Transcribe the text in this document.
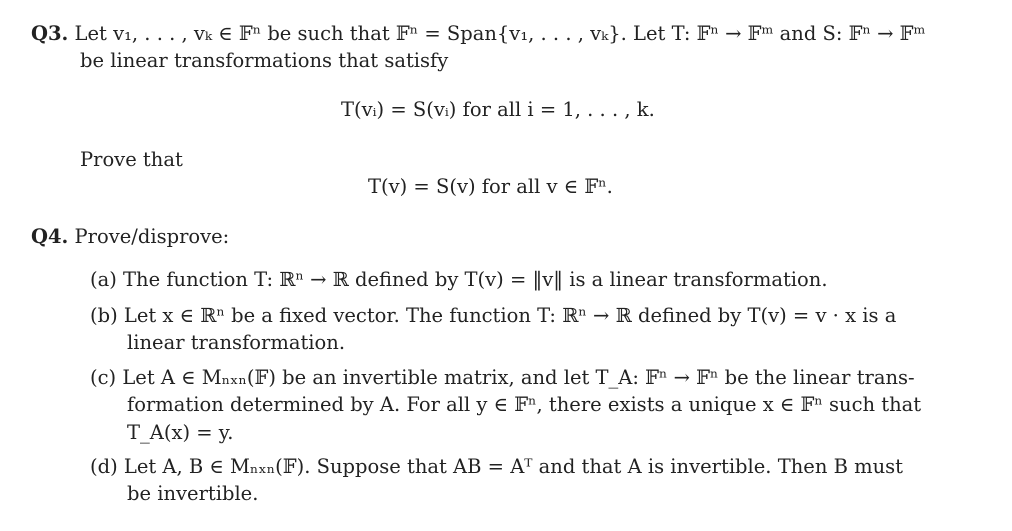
Q3. Let v₁, . . . , vₖ ∈ 𝔽ⁿ be such that 𝔽ⁿ = Span{v₁, . . . , vₖ}. Let T: 𝔽ⁿ → 𝔽ᵐ and S: 𝔽ⁿ → 𝔽ᵐ
be linear transformations that satisfy
T(vᵢ) = S(vᵢ) for all i = 1, . . . , k.
Prove that
T(v) = S(v) for all v ∈ 𝔽ⁿ.
Q4. Prove/disprove:
(a) The function T: ℝⁿ → ℝ defined by T(v) = ‖v‖ is a linear transformation.
(b) Let x ∈ ℝⁿ be a fixed vector. The function T: ℝⁿ → ℝ defined by T(v) = v · x is a
linear transformation.
(c) Let A ∈ Mₙₓₙ(𝔽) be an invertible matrix, and let T_A: 𝔽ⁿ → 𝔽ⁿ be the linear trans-
formation determined by A. For all y ∈ 𝔽ⁿ, there exists a unique x ∈ 𝔽ⁿ such that
T_A(x) = y.
(d) Let A, B ∈ Mₙₓₙ(𝔽). Suppose that AB = Aᵀ and that A is invertible. Then B must
be invertible.
